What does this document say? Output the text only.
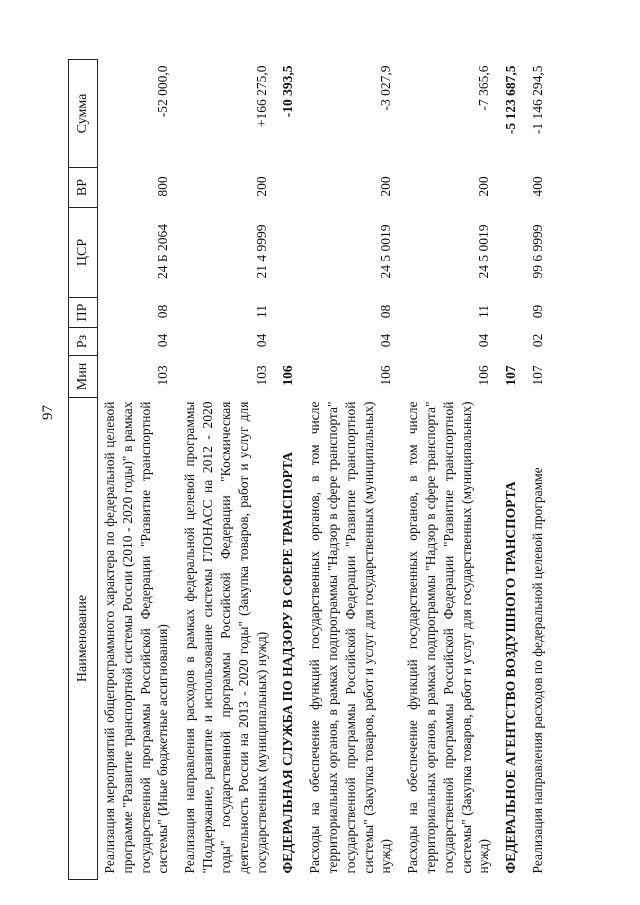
97
Наименование	Мин	Рз	ПР	ЦСР	ВР	Сумма
Реализация мероприятий общепрограммного характера по федеральной целевой программе "Развитие транспортной системы России (2010 - 2020 годы)" в рамках государственной программы Российской Федерации "Развитие транспортной системы" (Иные бюджетные ассигнования)	103	04	08	24 Б 2064	800	-52 000,0
Реализация направления расходов в рамках федеральной целевой программы "Поддержание, развитие и использование системы ГЛОНАСС на 2012 - 2020 годы" государственной программы Российской Федерации "Космическая деятельность России на 2013 - 2020 годы" (Закупка товаров, работ и услуг для государственных (муниципальных) нужд)	103	04	11	21 4 9999	200	+166 275,0
ФЕДЕРАЛЬНАЯ СЛУЖБА ПО НАДЗОРУ В СФЕРЕ ТРАНСПОРТА	106					-10 393,5
Расходы на обеспечение функций государственных органов, в том числе территориальных органов, в рамках подпрограммы "Надзор в сфере транспорта" государственной программы Российской Федерации "Развитие транспортной системы" (Закупка товаров, работ и услуг для государственных (муниципальных) нужд)	106	04	08	24 5 0019	200	-3 027,9
Расходы на обеспечение функций государственных органов, в том числе территориальных органов, в рамках подпрограммы "Надзор в сфере транспорта" государственной программы Российской Федерации "Развитие транспортной системы" (Закупка товаров, работ и услуг для государственных (муниципальных) нужд)	106	04	11	24 5 0019	200	-7 365,6
ФЕДЕРАЛЬНОЕ АГЕНТСТВО ВОЗДУШНОГО ТРАНСПОРТА	107					-5 123 687,5
Реализация направления расходов по федеральной целевой программе	107	02	09	99 6 9999	400	-1 146 294,5
